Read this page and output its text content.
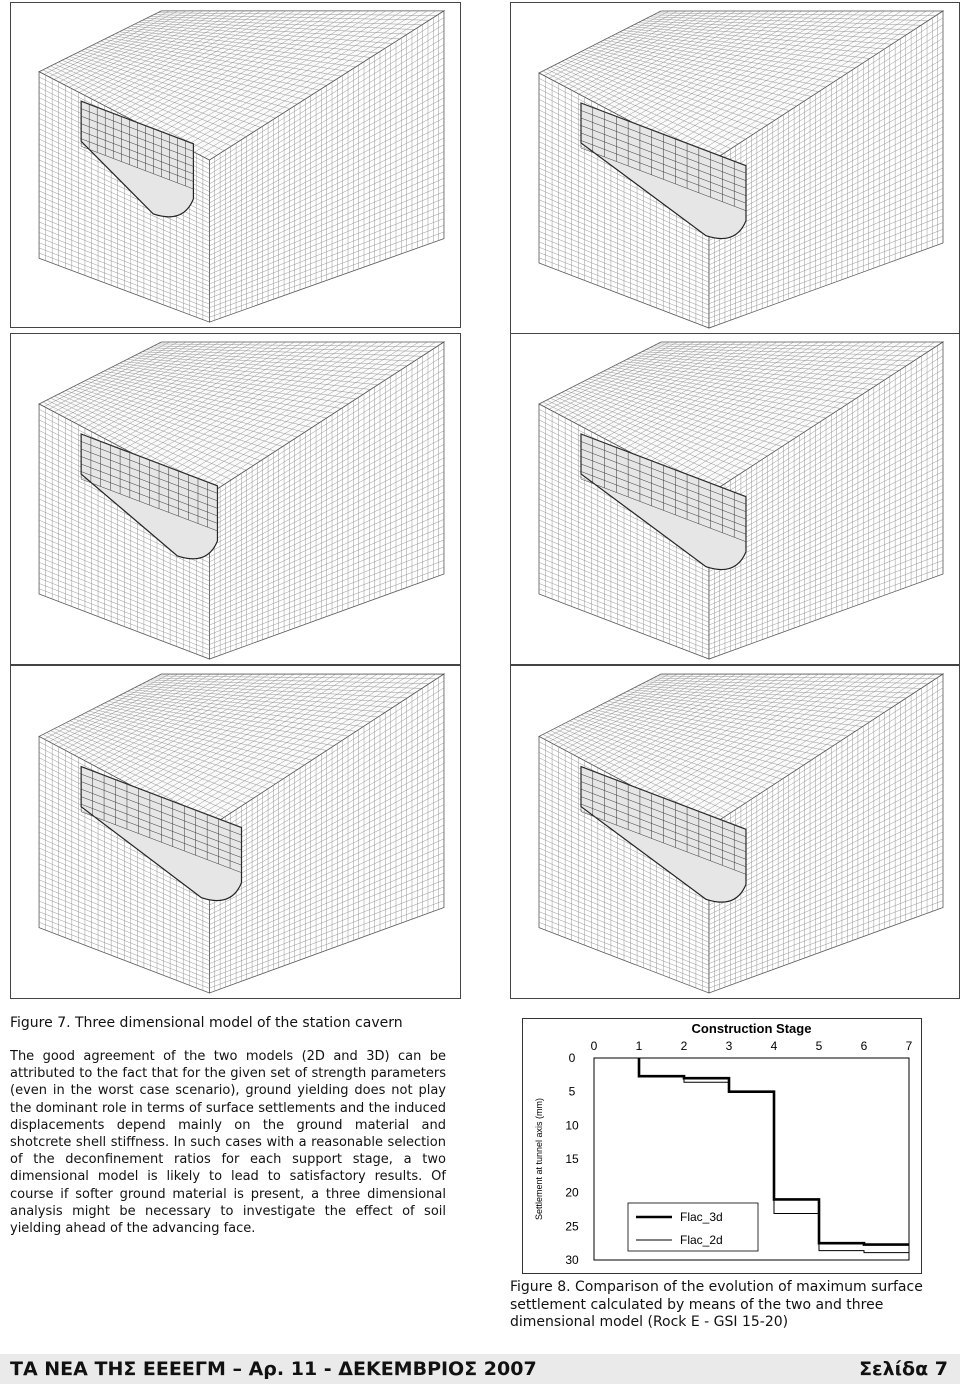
Figure 7. Three dimensional model of the station cavern
The good agreement of the two models (2D and 3D) can be attributed to the fact that for the given set of strength parameters (even in the worst case scenario), ground yielding does not play the dominant role in terms of surface settlements and the induced displacements depend mainly on the ground material and shotcrete shell stiffness. In such cases with a reasonable selection of the deconfinement ratios for each support stage, a two dimensional model is likely to lead to satisfactory results. Of course if softer ground material is present, a three dimensional analysis might be necessary to investigate the effect of soil yielding ahead of the advancing face.
Construction Stage
0	1	2	3	4	5	6	7
0
5
10
15
20
25
30
Settlement at tunnel axis (mm)	Flac_3d
Flac_2d
Figure 8. Comparison of the evolution of maximum surface settlement calculated by means of the two and three dimensional model (Rock E - GSI 15-20)
ΤΑ ΝΕΑ ΤΗΣ ΕΕΕΕΓΜ – Αρ. 11 - ΔΕΚΕΜΒΡΙΟΣ 2007	Σελίδα 7
